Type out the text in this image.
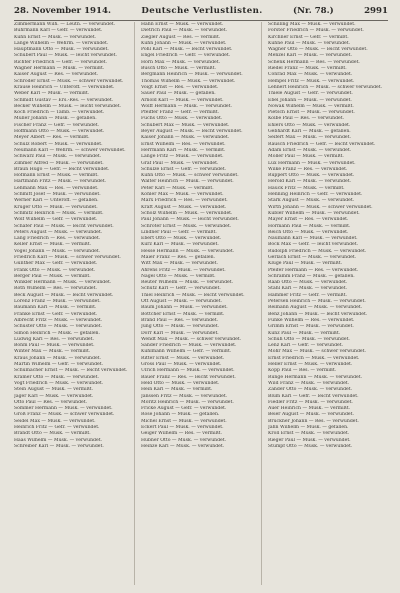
28. November 1914.	Deutsche Verlustlisten.	(Nr. 78.)	2991
Zimmermann Wilh. — Leutn. — verwundet.
Buhrmann Karl — Gefr. — verwundet.
Kühn Ernst — Musk. — verwundet.
Lange Wilhelm — Wehrm. — verwundet.
Hauptmann Otto — Musk. — verwundet.
Schubert Paul — Musk. — leicht verwundet.
Richter Friedrich — Gefr. — verwundet.
Wagner Hermann — Musk. — vermißt.
Kaiser August — Res. — verwundet.
Schröder Ernst — Musk. — schwer verwundet.
Krause Heinrich — Unteroff. — verwundet.
Weber Karl — Musk. — vermißt.
Schmidt Gustav — Ers.-Res. — verwundet.
Becker Wilhelm — Musk. — leicht verwundet.
Koch Friedrich — Tamb. — verwundet.
Müller Johann — Musk. — gefallen.
Fischer Franz — Gefr. — verwundet.
Hoffmann Otto — Musk. — verwundet.
Meyer Albert — Res. — vermißt.
Schulz Robert — Musk. — verwundet.
Neumann Karl — Wehrm. — schwer verwundet.
Schwarz Paul — Musk. — verwundet.
Zimmer Alfred — Musk. — verwundet.
Braun Hugo — Gefr. — leicht verwundet.
Hofmann Ernst — Musk. — vermißt.
Hartmann Fritz — Musk. — verwundet.
Lehmann Max — Res. — verwundet.
Schmitt Josef — Musk. — verwundet.
Werner Karl — Unteroff. — gefallen.
Krüger Otto — Musk. — verwundet.
Schmitz Heinrich — Musk. — vermißt.
Wolf Wilhelm — Gefr. — verwundet.
Schäfer Paul — Musk. — leicht verwundet.
Peters August — Musk. — verwundet.
Lang Friedrich — Res. — verwundet.
Keller Ernst — Musk. — vermißt.
Vogel Johann — Musk. — verwundet.
Friedrich Karl — Musk. — schwer verwundet.
Günther Max — Gefr. — verwundet.
Frank Otto — Musk. — verwundet.
Berger Paul — Musk. — vermißt.
Winkler Hermann — Musk. — verwundet.
Roth Wilhelm — Res. — verwundet.
Beck August — Musk. — leicht verwundet.
Lorenz Franz — Musk. — verwundet.
Baumann Karl — Musk. — vermißt.
Franke Ernst — Gefr. — verwundet.
Albrecht Fritz — Musk. — verwundet.
Schuster Otto — Musk. — verwundet.
Simon Heinrich — Musk. — gefallen.
Ludwig Karl — Res. — verwundet.
Böhm Paul — Musk. — verwundet.
Winter Max — Musk. — vermißt.
Kraus Johann — Musk. — verwundet.
Martin Wilhelm — Gefr. — verwundet.
Schumacher Ernst — Musk. — leicht verwundet.
Krämer Otto — Musk. — verwundet.
Vogt Friedrich — Musk. — verwundet.
Stein August — Musk. — vermißt.
Jäger Karl — Musk. — verwundet.
Otto Paul — Res. — verwundet.
Sommer Hermann — Musk. — verwundet.
Groß Franz — Musk. — schwer verwundet.
Seidel Max — Musk. — verwundet.
Heinrich Fritz — Gefr. — verwundet.
Brandt Otto — Musk. — vermißt.
Haas Wilhelm — Musk. — verwundet.
Schreiber Karl — Musk. — verwundet.
Hahn Ernst — Musk. — verwundet.
Dietrich Paul — Musk. — verwundet.
Ziegler August — Res. — vermißt.
Kuhn Johann — Musk. — verwundet.
Pohl Karl — Musk. — leicht verwundet.
Engel Friedrich — Gefr. — verwundet.
Horn Max — Musk. — verwundet.
Busch Otto — Musk. — vermißt.
Bergmann Heinrich — Musk. — verwundet.
Thomas Wilhelm — Musk. — verwundet.
Voigt Ernst — Res. — verwundet.
Sauer Paul — Musk. — gefallen.
Arnold Karl — Musk. — verwundet.
Wolff Hermann — Musk. — verwundet.
Pfeiffer Franz — Gefr. — vermißt.
Fuchs Otto — Musk. — verwundet.
Schubert Max — Musk. — verwundet.
Beyer August — Musk. — leicht verwundet.
Kaiser Johann — Musk. — verwundet.
Ernst Wilhelm — Res. — verwundet.
Herrmann Karl — Musk. — vermißt.
Lange Fritz — Musk. — verwundet.
Graf Paul — Musk. — verwundet.
Schulze Ernst — Gefr. — verwundet.
Kühn Otto — Musk. — schwer verwundet.
Walter Heinrich — Musk. — verwundet.
Peter Karl — Musk. — vermißt.
Köhler Max — Musk. — verwundet.
Marx Friedrich — Res. — verwundet.
Kraft August — Musk. — verwundet.
Scholz Wilhelm — Musk. — verwundet.
Paul Johann — Musk. — leicht verwundet.
Schröter Ernst — Musk. — verwundet.
Lindner Paul — Gefr. — vermißt.
Ebert Otto — Musk. — verwundet.
Kurz Karl — Musk. — verwundet.
Hesse Hermann — Musk. — verwundet.
Maier Franz — Res. — gefallen.
Witt Max — Musk. — verwundet.
Ahrens Fritz — Musk. — verwundet.
Nagel Otto — Musk. — vermißt.
Reuter Wilhelm — Musk. — verwundet.
Schütz Karl — Gefr. — verwundet.
Thiel Heinrich — Musk. — leicht verwundet.
Ott August — Musk. — verwundet.
Baum Johann — Musk. — verwundet.
Böttcher Ernst — Musk. — vermißt.
Brand Paul — Res. — verwundet.
Jung Otto — Musk. — verwundet.
Dörr Karl — Musk. — verwundet.
Wendt Max — Musk. — schwer verwundet.
Sander Friedrich — Musk. — verwundet.
Kuhlmann Wilhelm — Gefr. — vermißt.
Ritter Ernst — Musk. — verwundet.
Gross Paul — Musk. — verwundet.
Ulrich Hermann — Musk. — verwundet.
Bauer Franz — Res. — leicht verwundet.
Held Otto — Musk. — verwundet.
Hein Karl — Musk. — vermißt.
Janssen Fritz — Musk. — verwundet.
Moritz Heinrich — Musk. — verwundet.
Fricke August — Gefr. — verwundet.
Rose Johann — Musk. — gefallen.
Michel Ernst — Musk. — verwundet.
Eckert Paul — Musk. — verwundet.
Geiger Wilhelm — Res. — vermißt.
Hübner Otto — Musk. — verwundet.
Heinze Karl — Musk. — verwundet.
Schilling Max — Musk. — verwundet.
Förster Friedrich — Musk. — verwundet.
Kirchner Ernst — Gefr. — vermißt.
Kühne Paul — Musk. — verwundet.
Wagner Otto — Musk. — leicht verwundet.
Menzel Karl — Musk. — verwundet.
Schenk Hermann — Res. — verwundet.
Riedel Franz — Musk. — vermißt.
Conrad Max — Musk. — verwundet.
Hempel Fritz — Musk. — verwundet.
Lehnert Heinrich — Musk. — schwer verwundet.
Thiele August — Gefr. — verwundet.
Ebel Johann — Musk. — verwundet.
Nowak Wilhelm — Musk. — vermißt.
Pietsch Ernst — Musk. — verwundet.
Kolbe Paul — Res. — verwundet.
Ehlers Otto — Musk. — verwundet.
Gebhardt Karl — Musk. — gefallen.
Seifert Max — Musk. — verwundet.
Rausch Friedrich — Gefr. — leicht verwundet.
Adam Ernst — Musk. — verwundet.
Möller Paul — Musk. — vermißt.
Lux Hermann — Musk. — verwundet.
Wilke Franz — Res. — verwundet.
Ruppert Otto — Musk. — verwundet.
Herold Karl — Musk. — verwundet.
Hauck Fritz — Musk. — vermißt.
Henning Heinrich — Gefr. — verwundet.
Stark August — Musk. — verwundet.
Wirth Johann — Musk. — schwer verwundet.
Kübler Wilhelm — Musk. — verwundet.
Mayer Ernst — Res. — verwundet.
Hörmann Paul — Musk. — vermißt.
Reich Otto — Musk. — verwundet.
Naumann Karl — Musk. — verwundet.
Bock Max — Gefr. — leicht verwundet.
Rudolph Friedrich — Musk. — verwundet.
Gerlach Ernst — Musk. — verwundet.
Kluge Paul — Musk. — vermißt.
Pfeifer Hermann — Res. — verwundet.
Schramm Franz — Musk. — gefallen.
Raab Otto — Musk. — verwundet.
Stahl Karl — Musk. — verwundet.
Hammer Fritz — Gefr. — vermißt.
Petersen Heinrich — Musk. — verwundet.
Reimann August — Musk. — verwundet.
Benz Johann — Musk. — leicht verwundet.
Funke Wilhelm — Res. — verwundet.
Grimm Ernst — Musk. — verwundet.
Kunz Paul — Musk. — vermißt.
Schuh Otto — Musk. — verwundet.
Lenz Karl — Gefr. — verwundet.
Mohr Max — Musk. — schwer verwundet.
Ernst Friedrich — Musk. — verwundet.
Heller Ernst — Musk. — verwundet.
Kopp Paul — Res. — vermißt.
Runge Hermann — Musk. — verwundet.
Wild Franz — Musk. — verwundet.
Zander Otto — Musk. — verwundet.
Blum Karl — Gefr. — leicht verwundet.
Fiedler Fritz — Musk. — verwundet.
Auer Heinrich — Musk. — vermißt.
Beier August — Musk. — verwundet.
Brückner Johann — Res. — verwundet.
Jahn Wilhelm — Musk. — gefallen.
Kroll Ernst — Musk. — verwundet.
Rieger Paul — Musk. — verwundet.
Stumpf Otto — Musk. — verwundet.
